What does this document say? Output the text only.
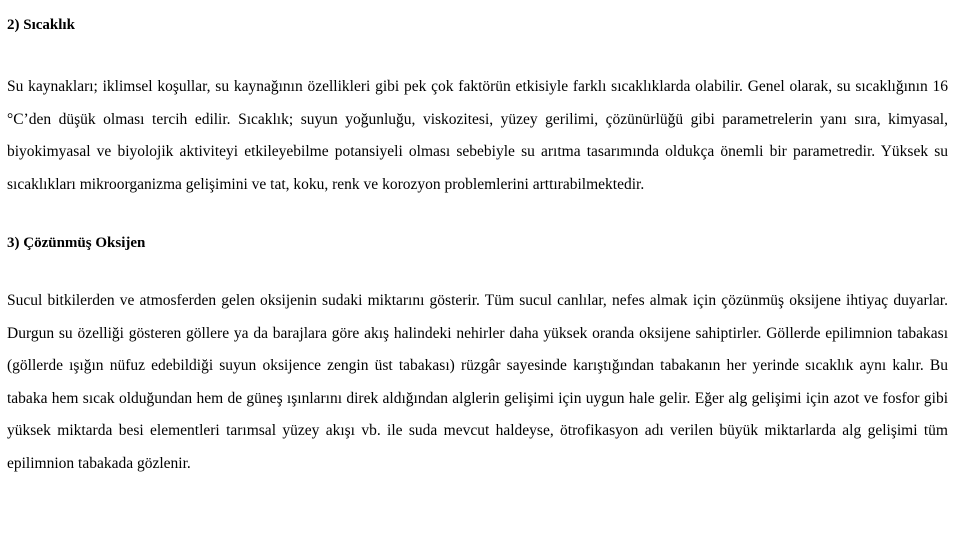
2) Sıcaklık

Su kaynakları; iklimsel koşullar, su kaynağının özellikleri gibi pek çok faktörün etkisiyle farklı sıcaklıklarda olabilir. Genel olarak, su sıcaklığının 16 °C’den düşük olması tercih edilir. Sıcaklık; suyun yoğunluğu, viskozitesi, yüzey gerilimi, çözünürlüğü gibi parametrelerin yanı sıra, kimyasal, biyokimyasal ve biyolojik aktiviteyi etkileyebilme potansiyeli olması sebebiyle su arıtma tasarımında oldukça önemli bir parametredir. Yüksek su sıcaklıkları mikroorganizma gelişimini ve tat, koku, renk ve korozyon problemlerini arttırabilmektedir.

3) Çözünmüş Oksijen

Sucul bitkilerden ve atmosferden gelen oksijenin sudaki miktarını gösterir. Tüm sucul canlılar, nefes almak için çözünmüş oksijene ihtiyaç duyarlar. Durgun su özelliği gösteren göllere ya da barajlara göre akış halindeki nehirler daha yüksek oranda oksijene sahiptirler. Göllerde epilimnion tabakası (göllerde ışığın nüfuz edebildiği suyun oksijence zengin üst tabakası) rüzgâr sayesinde karıştığından tabakanın her yerinde sıcaklık aynı kalır. Bu tabaka hem sıcak olduğundan hem de güneş ışınlarını direk aldığından alglerin gelişimi için uygun hale gelir. Eğer alg gelişimi için azot ve fosfor gibi yüksek miktarda besi elementleri tarımsal yüzey akışı vb. ile suda mevcut haldeyse, ötrofikasyon adı verilen büyük miktarlarda alg gelişimi tüm epilimnion tabakada gözlenir.
